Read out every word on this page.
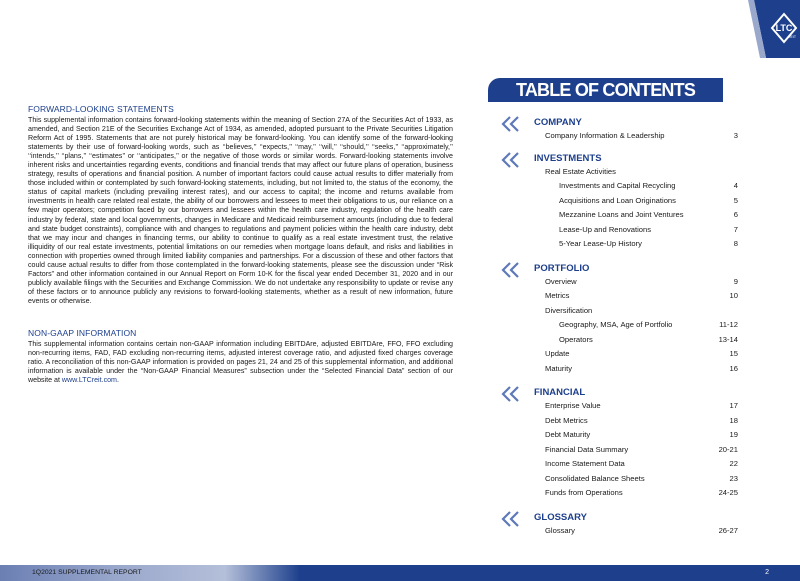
LTC
REIT

FORWARD-LOOKING STATEMENTS

This supplemental information contains forward-looking statements within the meaning of Section 27A of the Securities Act of 1933, as amended, and Section 21E of the Securities Exchange Act of 1934, as amended, adopted pursuant to the Private Securities Litigation Reform Act of 1995. Statements that are not purely historical may be forward-looking. You can identify some of the forward-looking statements by their use of forward-looking words, such as ‘‘believes,’’ ‘‘expects,’’ ‘‘may,’’ ‘‘will,’’ ‘‘should,’’ ‘‘seeks,’’ ‘‘approximately,’’ ‘‘intends,’’ ‘‘plans,’’ ‘‘estimates’’ or ‘‘anticipates,’’ or the negative of those words or similar words. Forward-looking statements involve inherent risks and uncertainties regarding events, conditions and financial trends that may affect our future plans of operation, business strategy, results of operations and financial position. A number of important factors could cause actual results to differ materially from those included within or contemplated by such forward-looking statements, including, but not limited to, the status of the economy, the status of capital markets (including prevailing interest rates), and our access to capital; the income and returns available from investments in health care related real estate, the ability of our borrowers and lessees to meet their obligations to us, our reliance on a few major operators; competition faced by our borrowers and lessees within the health care industry, regulation of the health care industry by federal, state and local governments, changes in Medicare and Medicaid reimbursement amounts (including due to federal and state budget constraints), compliance with and changes to regulations and payment policies within the health care industry, debt that we may incur and changes in financing terms, our ability to continue to qualify as a real estate investment trust, the relative illiquidity of our real estate investments, potential limitations on our remedies when mortgage loans default, and risks and liabilities in connection with properties owned through limited liability companies and partnerships. For a discussion of these and other factors that could cause actual results to differ from those contemplated in the forward-looking statements, please see the discussion under “Risk Factors” and other information contained in our Annual Report on Form 10-K for the fiscal year ended December 31, 2020 and in our publicly available filings with the Securities and Exchange Commission. We do not undertake any responsibility to update or revise any of these factors or to announce publicly any revisions to forward-looking statements, whether as a result of new information, future events or otherwise.

NON-GAAP INFORMATION

This supplemental information contains certain non-GAAP information including EBITDAre, adjusted EBITDAre, FFO, FFO excluding non-recurring items, FAD, FAD excluding non-recurring items, adjusted interest coverage ratio, and adjusted fixed charges coverage ratio. A reconciliation of this non-GAAP information is provided on pages 21, 24 and 25 of this supplemental information, and additional information is available under the “Non-GAAP Financial Measures” subsection under the “Selected Financial Data” section of our website at www.LTCreit.com.

TABLE OF CONTENTS
COMPANY
Company Information & Leadership	3
INVESTMENTS
Real Estate Activities
Investments and Capital Recycling	4
Acquisitions and Loan Originations	5
Mezzanine Loans and Joint Ventures	6
Lease-Up and Renovations	7
5-Year Lease-Up History	8
PORTFOLIO
Overview	9
Metrics	10
Diversification
Geography, MSA, Age of Portfolio	11-12
Operators	13-14
Update	15
Maturity	16
FINANCIAL
Enterprise Value	17
Debt Metrics	18
Debt Maturity	19
Financial Data Summary	20-21
Income Statement Data	22
Consolidated Balance Sheets	23
Funds from Operations	24-25
GLOSSARY
Glossary	26-27
1Q2021 SUPPLEMENTAL REPORT	2
